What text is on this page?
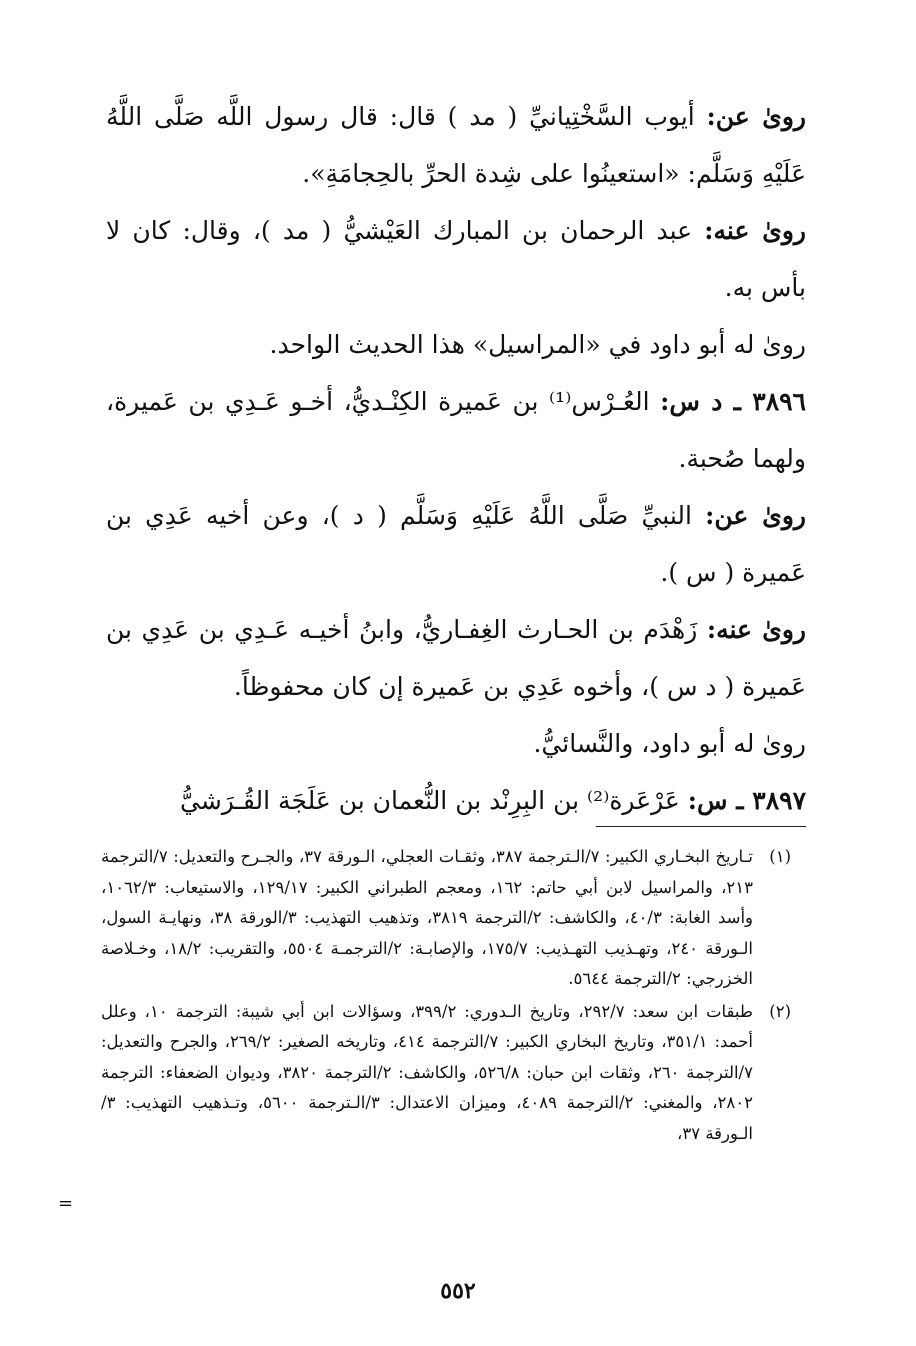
رویٰ عن: أيوب السَّخْتِيانيِّ ( مد ) قال: قال رسول اللَّه صَلَّى اللَّهُ عَلَيْهِ وَسَلَّم: «استعينُوا على شِدة الحرِّ بالحِجامَةِ».

رویٰ عنه: عبد الرحمان بن المبارك العَيْشيُّ ( مد )، وقال: كان لا بأس به.

رویٰ له أبو داود في «المراسيل» هذا الحديث الواحد.

٣٨٩٦ ـ د س: العُـرْس⁽¹⁾ بن عَميرة الكِنْـديُّ، أخـو عَـدِي بن عَميرة، ولهما صُحبة.

رویٰ عن: النبيِّ صَلَّى اللَّهُ عَلَيْهِ وَسَلَّم ( د )، وعن أخيه عَدِي بن عَميرة ( س ).

رویٰ عنه: زَهْدَم بن الحـارث الغِفـاريُّ، وابنُ أخيـه عَـدِي بن عَدِي بن عَميرة ( د س )، وأخوه عَدِي بن عَميرة إن كان محفوظاً.

رویٰ له أبو داود، والنَّسائيُّ.

٣٨٩٧ ـ س: عَرْعَرة⁽²⁾ بن البِرِنْد بن النُّعمان بن عَلَجَة القُـرَشيُّ

(١)
تـاريخ البخـاري الكبير: ٧/الـترجمة ٣٨٧، وثقـات العجلي، الـورقة ٣٧، والجـرح والتعديل: ٧/الترجمة ٢١٣، والمراسيل لابن أبي حاتم: ١٦٢، ومعجم الطبراني الكبير: ١٢٩/١٧، والاستيعاب: ١٠٦٢/٣، وأسد الغابة: ٤٠/٣، والكاشف: ٢/الترجمة ٣٨١٩، وتذهيب التهذيب: ٣/الورقة ٣٨، ونهايـة السول، الـورقة ٢٤٠، وتهـذيب التهـذيب: ١٧٥/٧، والإصابـة: ٢/الترجمـة ٥٥٠٤، والتقريب: ١٨/٢، وخـلاصة الخزرجي: ٢/الترجمة ٥٦٤٤.

(٢)
طبقات ابن سعد: ٢٩٢/٧، وتاريخ الـدوري: ٣٩٩/٢، وسؤالات ابن أبي شيبة: الترجمة ١٠، وعلل أحمد: ٣٥١/١، وتاريخ البخاري الكبير: ٧/الترجمة ٤١٤، وتاريخه الصغير: ٢٦٩/٢، والجرح والتعديل: ٧/الترجمة ٢٦٠، وثقات ابن حبان: ٥٢٦/٨، والكاشف: ٢/الترجمة ٣٨٢٠، وديوان الضعفاء: الترجمة ٢٨٠٢، والمغني: ٢/الترجمة ٤٠٨٩، وميزان الاعتدال: ٣/الـترجمة ٥٦٠٠، وتـذهيب التهذيب: ٣/الـورقة ٣٧،

=
٥٥٢
